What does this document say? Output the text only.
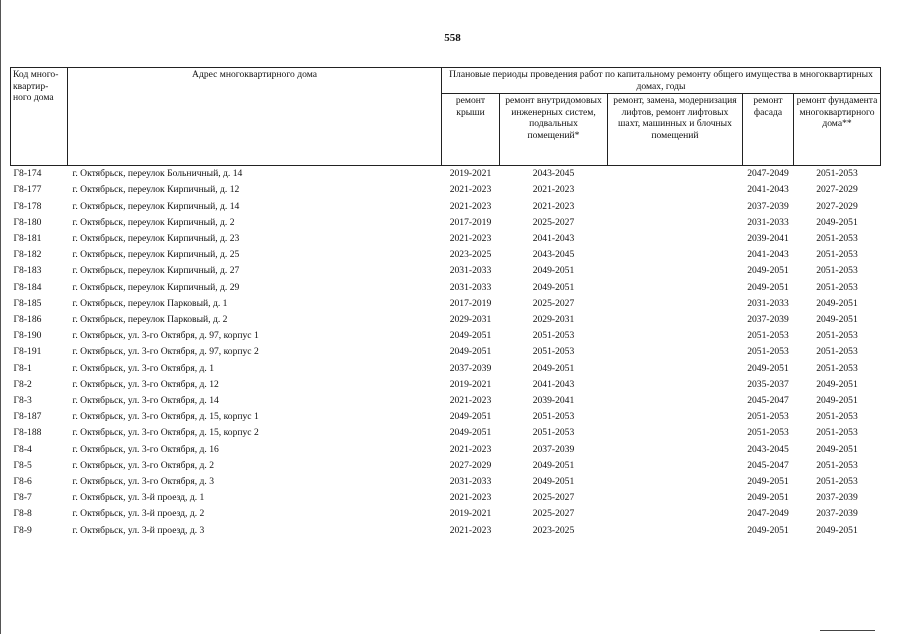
558
Код много-квартир-ного дома	Адрес многоквартирного дома	Плановые периоды проведения работ по капитальному ремонту общего имущества в многоквартирных домах, годы				
		ремонт крыши	ремонт внутридомовых инженерных систем, подвальных помещений*	ремонт, замена, модернизация лифтов, ремонт лифтовых шахт, машинных и блочных помещений	ремонт фасада	ремонт фундамента многоквартирного дома**
Г8-174	г. Октябрьск, переулок Больничный, д. 14	2019-2021	2043-2045		2047-2049	2051-2053
Г8-177	г. Октябрьск, переулок Кирпичный, д. 12	2021-2023	2021-2023		2041-2043	2027-2029
Г8-178	г. Октябрьск, переулок Кирпичный, д. 14	2021-2023	2021-2023		2037-2039	2027-2029
Г8-180	г. Октябрьск, переулок Кирпичный, д. 2	2017-2019	2025-2027		2031-2033	2049-2051
Г8-181	г. Октябрьск, переулок Кирпичный, д. 23	2021-2023	2041-2043		2039-2041	2051-2053
Г8-182	г. Октябрьск, переулок Кирпичный, д. 25	2023-2025	2043-2045		2041-2043	2051-2053
Г8-183	г. Октябрьск, переулок Кирпичный, д. 27	2031-2033	2049-2051		2049-2051	2051-2053
Г8-184	г. Октябрьск, переулок Кирпичный, д. 29	2031-2033	2049-2051		2049-2051	2051-2053
Г8-185	г. Октябрьск, переулок Парковый, д. 1	2017-2019	2025-2027		2031-2033	2049-2051
Г8-186	г. Октябрьск, переулок Парковый, д. 2	2029-2031	2029-2031		2037-2039	2049-2051
Г8-190	г. Октябрьск, ул. 3-го Октября, д. 97, корпус 1	2049-2051	2051-2053		2051-2053	2051-2053
Г8-191	г. Октябрьск, ул. 3-го Октября, д. 97, корпус 2	2049-2051	2051-2053		2051-2053	2051-2053
Г8-1	г. Октябрьск, ул. 3-го Октября, д. 1	2037-2039	2049-2051		2049-2051	2051-2053
Г8-2	г. Октябрьск, ул. 3-го Октября, д. 12	2019-2021	2041-2043		2035-2037	2049-2051
Г8-3	г. Октябрьск, ул. 3-го Октября, д. 14	2021-2023	2039-2041		2045-2047	2049-2051
Г8-187	г. Октябрьск, ул. 3-го Октября, д. 15, корпус 1	2049-2051	2051-2053		2051-2053	2051-2053
Г8-188	г. Октябрьск, ул. 3-го Октября, д. 15, корпус 2	2049-2051	2051-2053		2051-2053	2051-2053
Г8-4	г. Октябрьск, ул. 3-го Октября, д. 16	2021-2023	2037-2039		2043-2045	2049-2051
Г8-5	г. Октябрьск, ул. 3-го Октября, д. 2	2027-2029	2049-2051		2045-2047	2051-2053
Г8-6	г. Октябрьск, ул. 3-го Октября, д. 3	2031-2033	2049-2051		2049-2051	2051-2053
Г8-7	г. Октябрьск, ул. 3-й проезд, д. 1	2021-2023	2025-2027		2049-2051	2037-2039
Г8-8	г. Октябрьск, ул. 3-й проезд, д. 2	2019-2021	2025-2027		2047-2049	2037-2039
Г8-9	г. Октябрьск, ул. 3-й проезд, д. 3	2021-2023	2023-2025		2049-2051	2049-2051
